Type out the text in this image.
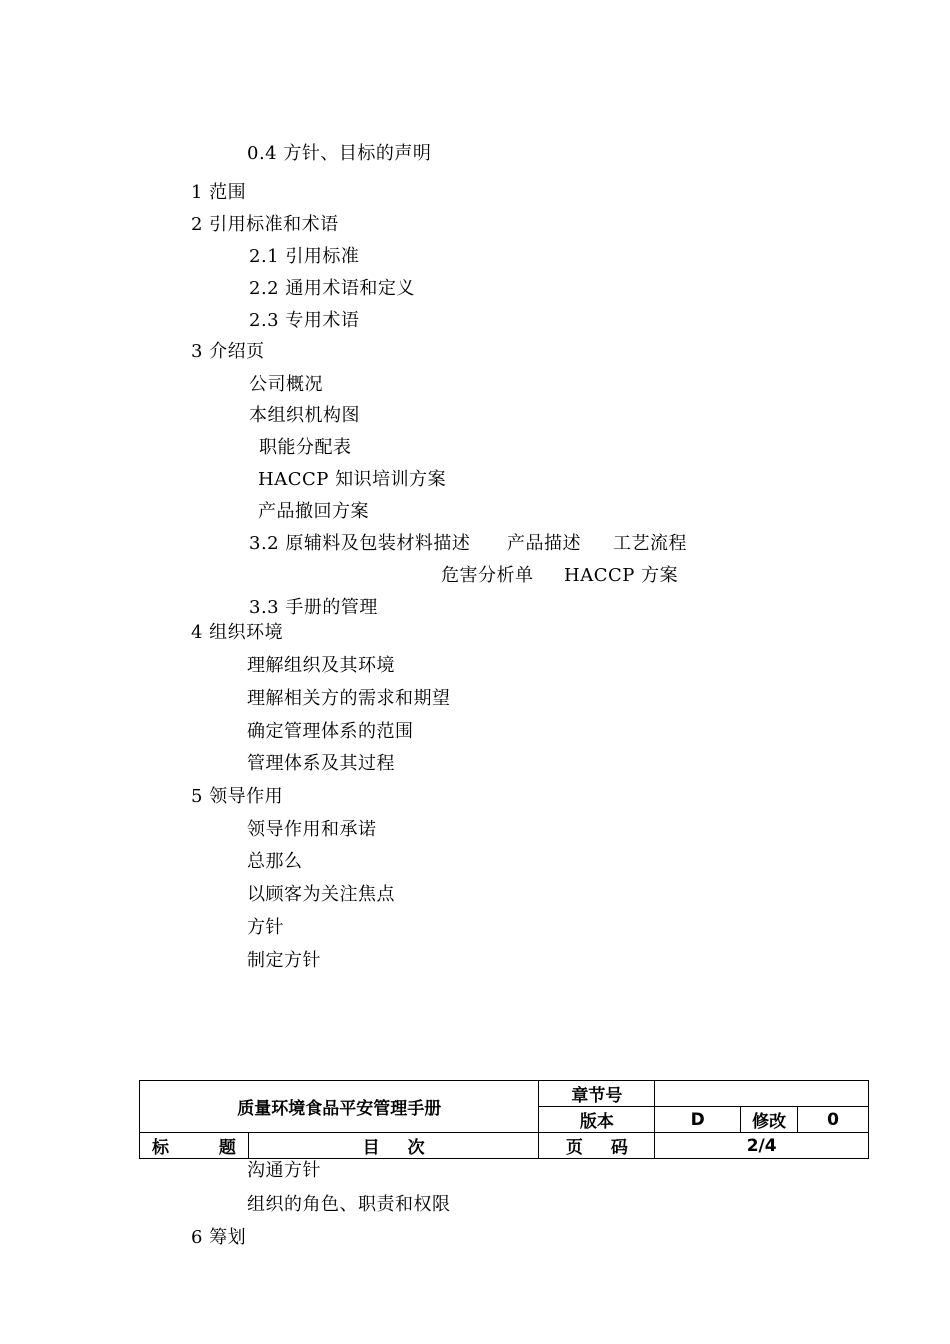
0.4 方针、目标的声明
1 范围
2 引用标准和术语
2.1 引用标准
2.2 通用术语和定义
2.3 专用术语
3 介绍页
公司概况
本组织机构图
职能分配表
HACCP 知识培训方案
产品撤回方案
3.2 原辅料及包装材料描述 产品描述 工艺流程
危害分析单 HACCP 方案
3.3 手册的管理
4 组织环境
理解组织及其环境
理解相关方的需求和期望
确定管理体系的范围
管理体系及其过程
5 领导作用
领导作用和承诺
总那么
以顾客为关注焦点
方针
制定方针
质量环境食品平安管理手册		章节号			
		版本	D	修改	0

标 题	目 次	页 码	2/4		
沟通方针
组织的角色、职责和权限
6 筹划
